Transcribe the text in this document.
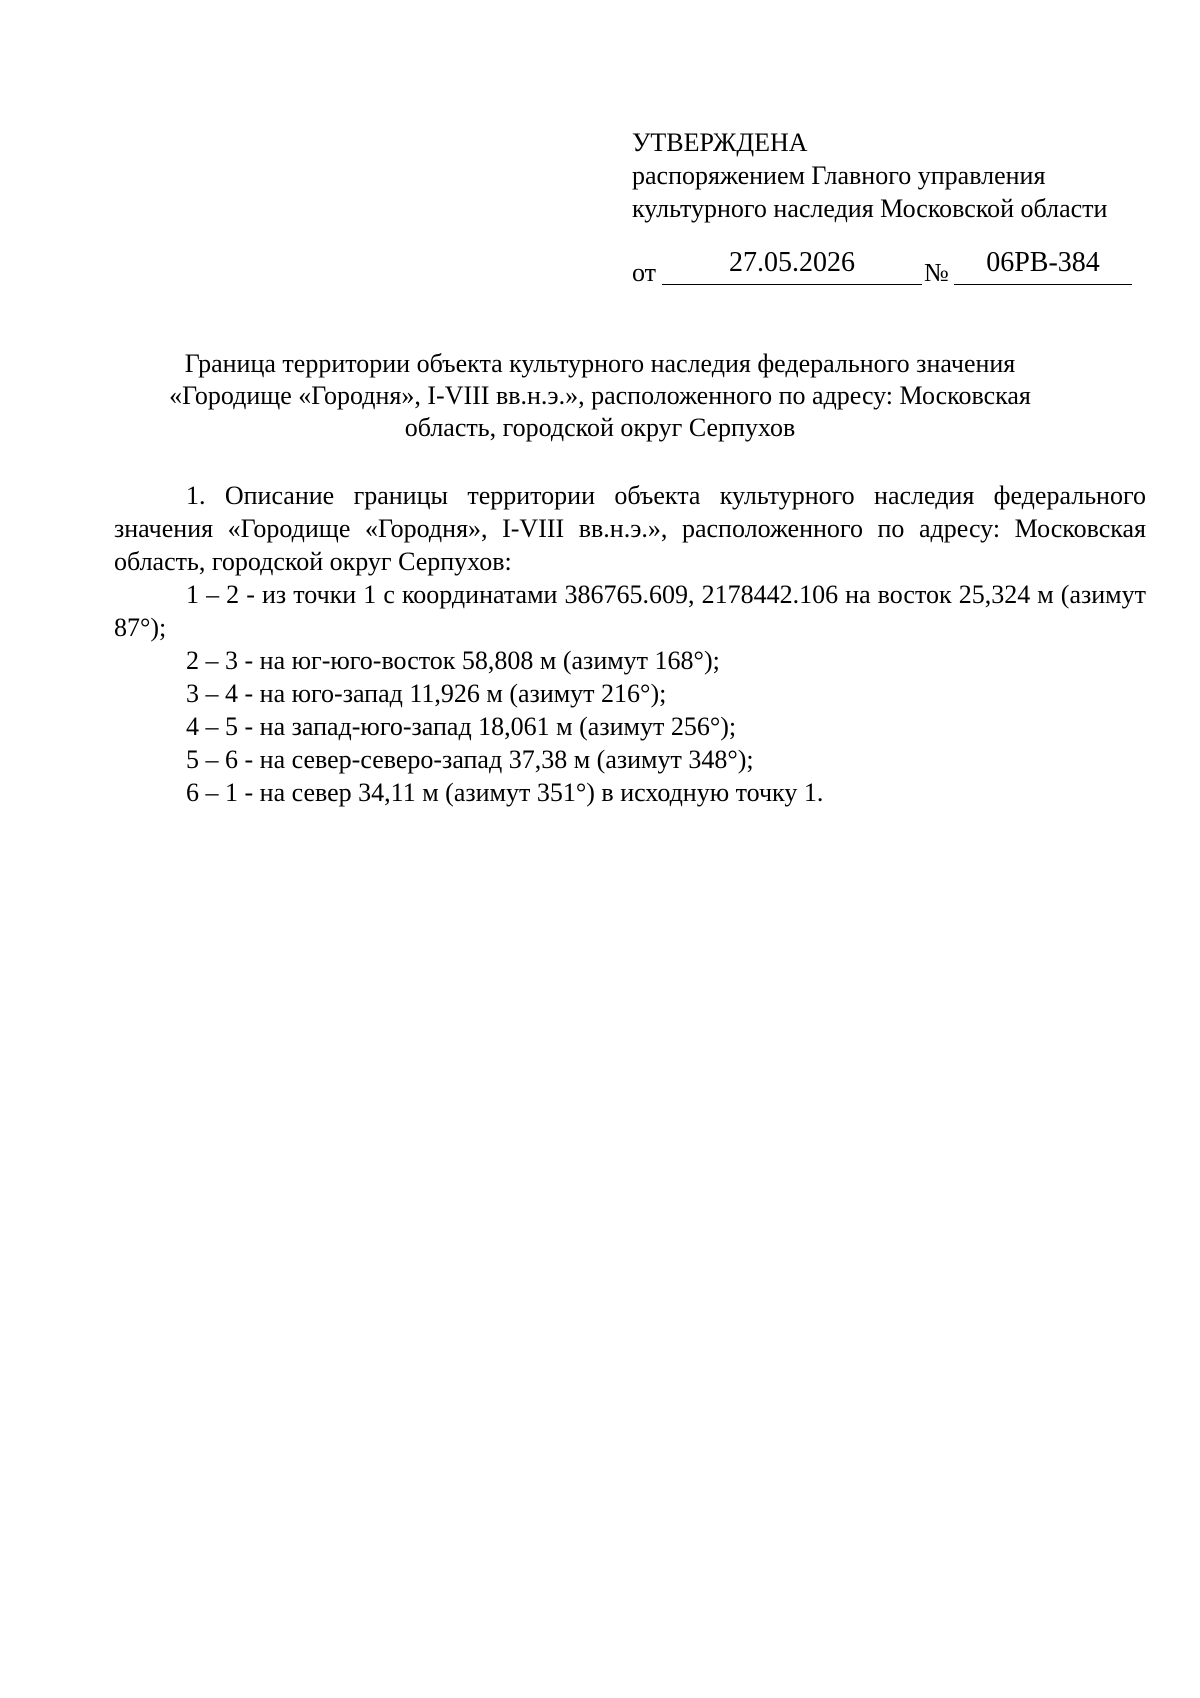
УТВЕРЖДЕНА
распоряжением Главного управления
культурного наследия Московской области
от	27.05.2026	№	06РВ-384
Граница территории объекта культурного наследия федерального значения
«Городище «Городня», I-VIII вв.н.э.», расположенного по адресу: Московская
область, городской округ Серпухов

1. Описание границы территории объекта культурного наследия федерального значения «Городище «Городня», I-VIII вв.н.э.», расположенного по адресу: Московская область, городской округ Серпухов:

1 – 2 - из точки 1 с координатами 386765.609, 2178442.106 на восток 25,324 м (азимут 87°);

2 – 3 - на юг-юго-восток 58,808 м (азимут 168°);

3 – 4 - на юго-запад 11,926 м (азимут 216°);

4 – 5 - на запад-юго-запад 18,061 м (азимут 256°);

5 – 6 - на север-северо-запад 37,38 м (азимут 348°);

6 – 1 - на север 34,11 м (азимут 351°) в исходную точку 1.
